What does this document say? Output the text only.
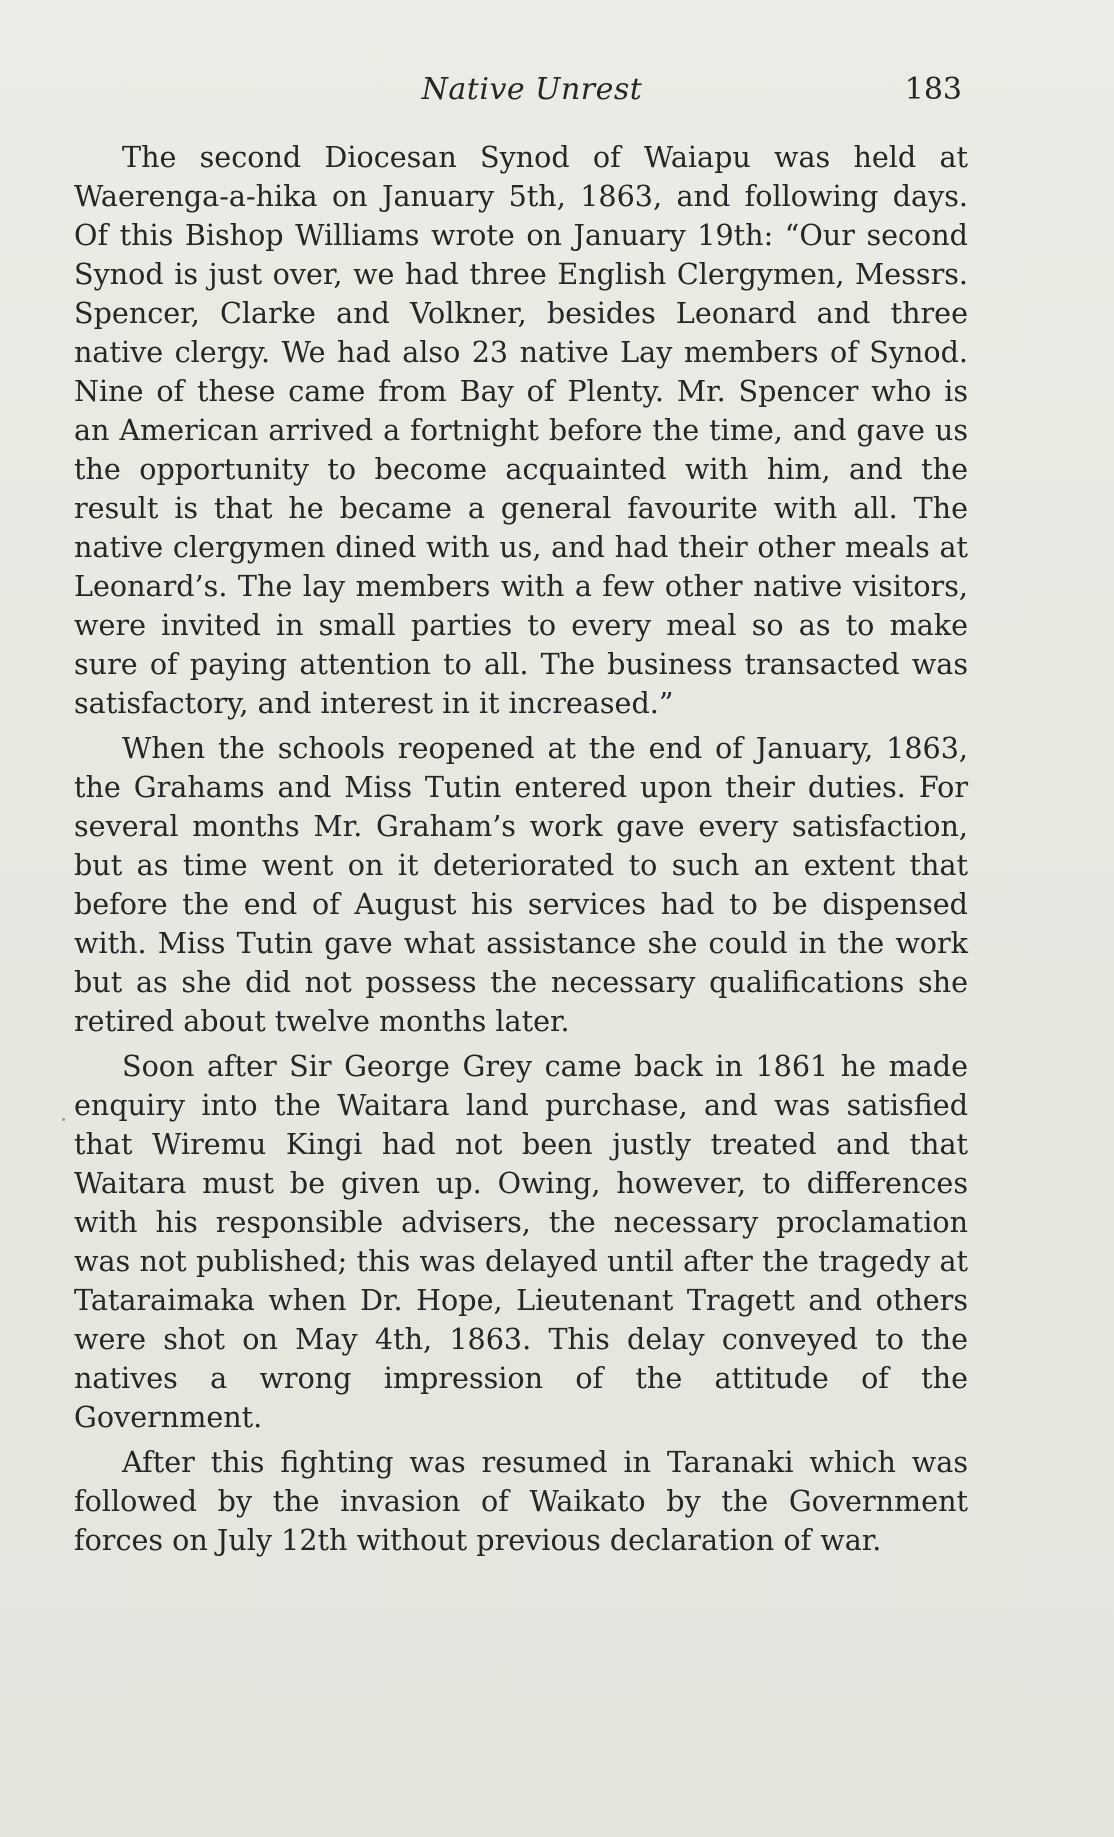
Native Unrest	183

The second Diocesan Synod of Waiapu was held at Waerenga-a-hika on January 5th, 1863, and following days. Of this Bishop Williams wrote on January 19th: “Our second Synod is just over, we had three English Clergymen, Messrs. Spencer, Clarke and Volkner, besides Leonard and three native clergy. We had also 23 native Lay members of Synod. Nine of these came from Bay of Plenty. Mr. Spencer who is an American arrived a fortnight before the time, and gave us the opportunity to become acquainted with him, and the result is that he became a general favourite with all. The native clergymen dined with us, and had their other meals at Leonard’s. The lay members with a few other native visitors, were invited in small parties to every meal so as to make sure of paying attention to all. The business transacted was satisfactory, and interest in it increased.”

When the schools reopened at the end of January, 1863, the Grahams and Miss Tutin entered upon their duties. For several months Mr. Graham’s work gave every satisfaction, but as time went on it deteriorated to such an extent that before the end of August his services had to be dispensed with. Miss Tutin gave what assistance she could in the work but as she did not possess the necessary qualifications she retired about twelve months later.

Soon after Sir George Grey came back in 1861 he made enquiry into the Waitara land purchase, and was satisfied that Wiremu Kingi had not been justly treated and that Waitara must be given up. Owing, however, to differences with his responsible advisers, the necessary proclamation was not published; this was delayed until after the tragedy at Tataraimaka when Dr. Hope, Lieutenant Tragett and others were shot on May 4th, 1863. This delay conveyed to the natives a wrong impression of the attitude of the Government.

After this fighting was resumed in Taranaki which was followed by the invasion of Waikato by the Government forces on July 12th without previous declaration of war.
